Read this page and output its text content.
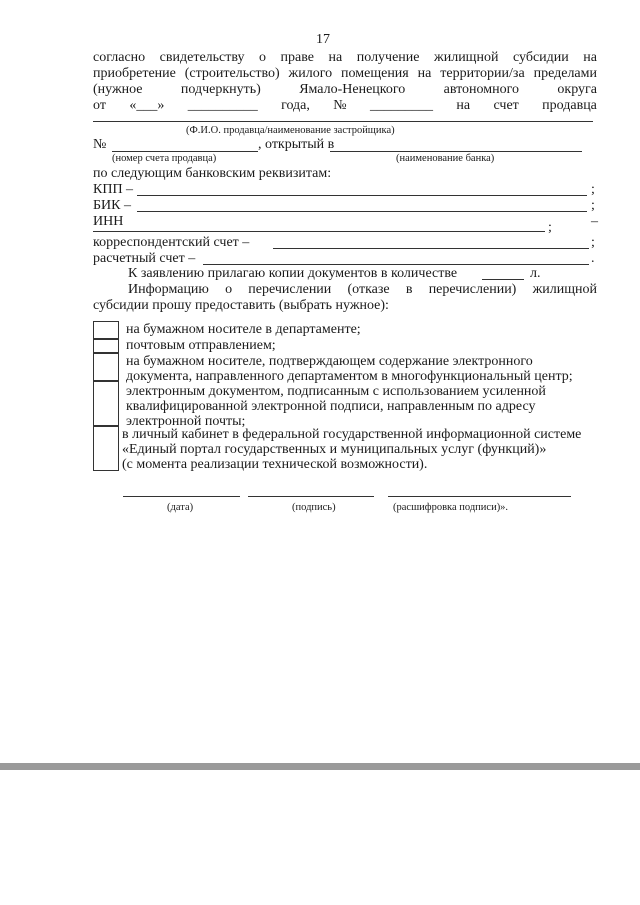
17
согласно свидетельству о праве на получение жилищной субсидии на
приобретение (строительство) жилого помещения на территории/за пределами
(нужное	подчеркнуть)	Ямало-Ненецкого	автономного	округа
от «___» __________ года, № _________ на счет продавца
(Ф.И.О. продавца/наименование застройщика)
№	, открытый в
(номер счета продавца)	(наименование банка)
по следующим банковским реквизитам:
КПП –	;
БИК –	;
ИНН	–
;
корреспондентский счет –	;
расчетный счет –	.
К заявлению прилагаю копии документов в количестве	л.
Информацию о перечислении (отказе в перечислении) жилищной
субсидии прошу предоставить (выбрать нужное):
на бумажном носителе в департаменте;
почтовым отправлением;
на бумажном носителе, подтверждающем содержание электронного
документа, направленного департаментом в многофункциональный центр;
электронным документом, подписанным с использованием усиленной
квалифицированной электронной подписи, направленным по адресу
электронной почты;
в личный кабинет в федеральной государственной информационной системе
«Единый портал государственных и муниципальных услуг (функций)»
(с момента реализации технической возможности).
(дата)	(подпись)	(расшифровка подписи)».
